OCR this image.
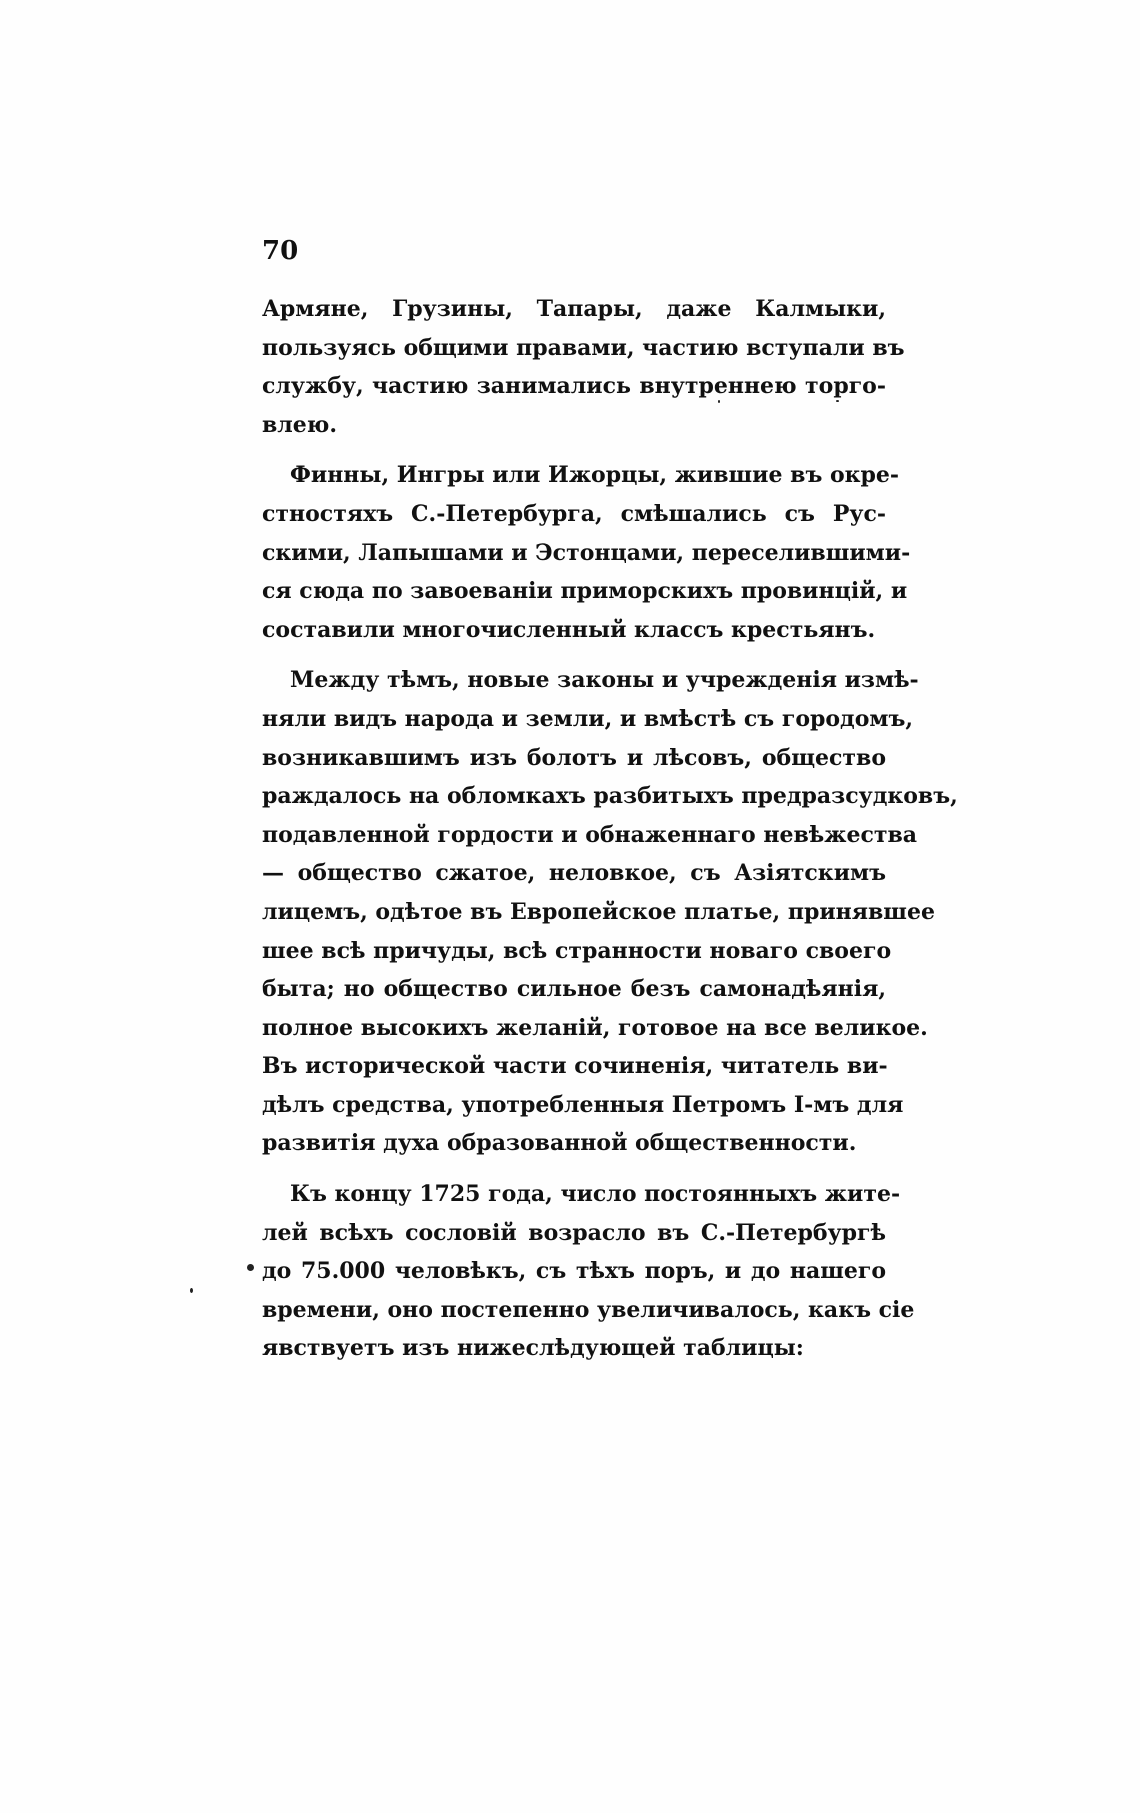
70
Армяне, Грузины, Тапары, даже Калмыки,
пользуясь общими правами, частию вступали въ
службу, частию занимались внутреннею торго-
влею.
Финны, Ингры или Ижорцы, жившие въ окре-
стностяхъ С.-Петербурга, смѣшались съ Рус-
скими, Лапышами и Эстонцами, переселившими-
ся сюда по завоеваніи приморскихъ провинцій, и
составили многочисленный классъ крестьянъ.
Между тѣмъ, новые законы и учрежденія измѣ-
няли видъ народа и земли, и вмѣстѣ съ городомъ,
возникавшимъ изъ болотъ и лѣсовъ, общество
раждалось на обломкахъ разбитыхъ предразсудковъ,
подавленной гордости и обнаженнаго невѣжества
— общество сжатое, неловкое, съ Азіятскимъ
лицемъ, одѣтое въ Европейское платье, принявшее
шее всѣ причуды, всѣ странности новаго своего
быта; но общество сильное безъ самонадѣянія,
полное высокихъ желаній, готовое на все великое.
Въ исторической части сочиненія, читатель ви-
дѣлъ средства, употребленныя Петромъ I-мъ для
развитія духа образованной общественности.
Къ концу 1725 года, число постоянныхъ жите-
лей всѣхъ сословій возрасло въ С.-Петербургѣ
до 75.000 человѣкъ, съ тѣхъ поръ, и до нашего
времени, оно постепенно увеличивалось, какъ сіе
явствуетъ изъ нижеслѣдующей таблицы:
